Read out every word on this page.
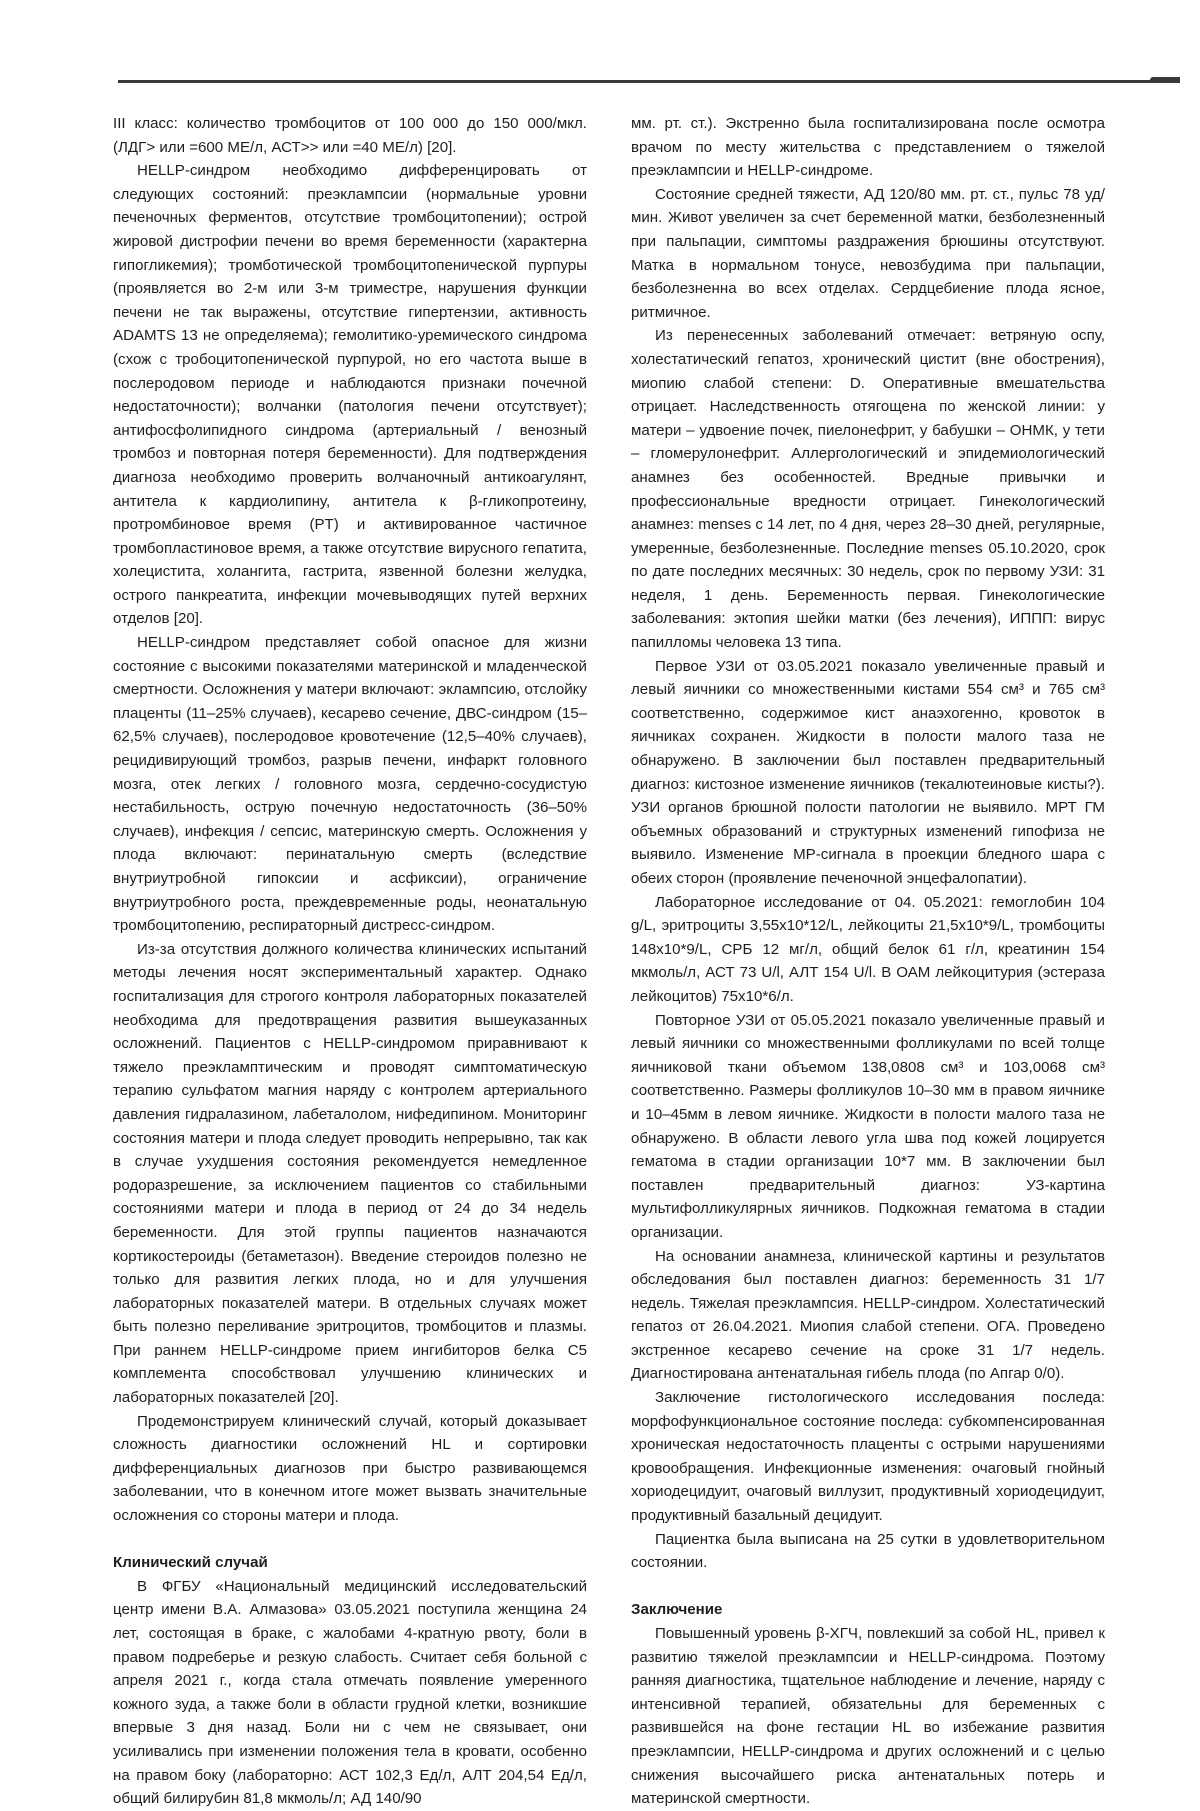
III класс: количество тромбоцитов от 100 000 до 150 000/мкл. (ЛДГ> или =600 МЕ/л, АСТ>> или =40 МЕ/л) [20].

HELLP-синдром необходимо дифференцировать от следующих состояний: преэклампсии (нормальные уровни печеночных ферментов, отсутствие тромбоцитопении); острой жировой дистрофии печени во время беременности (характерна гипогликемия); тромботической тромбоцитопенической пурпуры (проявляется во 2-м или 3-м триместре, нарушения функции печени не так выражены, отсутствие гипертензии, активность ADAMTS 13 не определяема); гемолитико-уремического синдрома (схож с тробоцитопенической пурпурой, но его частота выше в послеродовом периоде и наблюдаются признаки почечной недостаточности); волчанки (патология печени отсутствует); антифосфолипидного синдрома (артериальный / венозный тромбоз и повторная потеря беременности). Для подтверждения диагноза необходимо проверить волчаночный антикоагулянт, антитела к кардиолипину, антитела к β-гликопротеину, протромбиновое время (PT) и активированное частичное тромбопластиновое время, а также отсутствие вирусного гепатита, холецистита, холангита, гастрита, язвенной болезни желудка, острого панкреатита, инфекции мочевыводящих путей верхних отделов [20].

HELLP-синдром представляет собой опасное для жизни состояние с высокими показателями материнской и младенческой смертности. Осложнения у матери включают: эклампсию, отслойку плаценты (11–25% случаев), кесарево сечение, ДВС-синдром (15–62,5% случаев), послеродовое кровотечение (12,5–40% случаев), рецидивирующий тромбоз, разрыв печени, инфаркт головного мозга, отек легких / головного мозга, сердечно-сосудистую нестабильность, острую почечную недостаточность (36–50% случаев), инфекция / сепсис, материнскую смерть. Осложнения у плода включают: перинатальную смерть (вследствие внутриутробной гипоксии и асфиксии), ограничение внутриутробного роста, преждевременные роды, неонатальную тромбоцитопению, респираторный дистресс-синдром.

Из-за отсутствия должного количества клинических испытаний методы лечения носят экспериментальный характер. Однако госпитализация для строгого контроля лабораторных показателей необходима для предотвращения развития вышеуказанных осложнений. Пациентов с HELLP-синдромом приравнивают к тяжело преэкламптическим и проводят симптоматическую терапию сульфатом магния наряду с контролем артериального давления гидралазином, лабеталолом, нифедипином. Мониторинг состояния матери и плода следует проводить непрерывно, так как в случае ухудшения состояния рекомендуется немедленное родоразрешение, за исключением пациентов со стабильными состояниями матери и плода в период от 24 до 34 недель беременности. Для этой группы пациентов назначаются кортикостероиды (бетаметазон). Введение стероидов полезно не только для развития легких плода, но и для улучшения лабораторных показателей матери. В отдельных случаях может быть полезно переливание эритроцитов, тромбоцитов и плазмы. При раннем HELLP-синдроме прием ингибиторов белка C5 комплемента способствовал улучшению клинических и лабораторных показателей [20].

Продемонстрируем клинический случай, который доказывает сложность диагностики осложнений HL и сортировки дифференциальных диагнозов при быстро развивающемся заболевании, что в конечном итоге может вызвать значительные осложнения со стороны матери и плода.

Клинический случай

В ФГБУ «Национальный медицинский исследовательский центр имени В.А. Алмазова» 03.05.2021 поступила женщина 24 лет, состоящая в браке, с жалобами 4-кратную рвоту, боли в правом подреберье и резкую слабость. Считает себя больной с апреля 2021 г., когда стала отмечать появление умеренного кожного зуда, а также боли в области грудной клетки, возникшие впервые 3 дня назад. Боли ни с чем не связывает, они усиливались при изменении положения тела в кровати, особенно на правом боку (лабораторно: АСТ 102,3 Ед/л, АЛТ 204,54 Ед/л, общий билирубин 81,8 мкмоль/л; АД 140/90

мм. рт. ст.). Экстренно была госпитализирована после осмотра врачом по месту жительства с представлением о тяжелой преэклампсии и HELLP-синдроме.

Состояние средней тяжести, АД 120/80 мм. рт. ст., пульс 78 уд/мин. Живот увеличен за счет беременной матки, безболезненный при пальпации, симптомы раздражения брюшины отсутствуют. Матка в нормальном тонусе, невозбудима при пальпации, безболезненна во всех отделах. Сердцебиение плода ясное, ритмичное.

Из перенесенных заболеваний отмечает: ветряную оспу, холестатический гепатоз, хронический цистит (вне обострения), миопию слабой степени: D. Оперативные вмешательства отрицает. Наследственность отягощена по женской линии: у матери – удвоение почек, пиелонефрит, у бабушки – ОНМК, у тети – гломерулонефрит. Аллергологический и эпидемиологический анамнез без особенностей. Вредные привычки и профессиональные вредности отрицает. Гинекологический анамнез: menses с 14 лет, по 4 дня, через 28–30 дней, регулярные, умеренные, безболезненные. Последние menses 05.10.2020, срок по дате последних месячных: 30 недель, срок по первому УЗИ: 31 неделя, 1 день. Беременность первая. Гинекологические заболевания: эктопия шейки матки (без лечения), ИППП: вирус папилломы человека 13 типа.

Первое УЗИ от 03.05.2021 показало увеличенные правый и левый яичники со множественными кистами 554 см³ и 765 см³ соответственно, содержимое кист анаэхогенно, кровоток в яичниках сохранен. Жидкости в полости малого таза не обнаружено. В заключении был поставлен предварительный диагноз: кистозное изменение яичников (текалютеиновые кисты?). УЗИ органов брюшной полости патологии не выявило. МРТ ГМ объемных образований и структурных изменений гипофиза не выявило. Изменение МР-сигнала в проекции бледного шара с обеих сторон (проявление печеночной энцефалопатии).

Лабораторное исследование от 04. 05.2021: гемоглобин 104 g/L, эритроциты 3,55x10*12/L, лейкоциты 21,5x10*9/L, тромбоциты 148x10*9/L, СРБ 12 мг/л, общий белок 61 г/л, креатинин 154 мкмоль/л, АСТ 73 U/l, АЛТ 154 U/l. В ОАМ лейкоцитурия (эстераза лейкоцитов) 75x10*6/л.

Повторное УЗИ от 05.05.2021 показало увеличенные правый и левый яичники со множественными фолликулами по всей толще яичниковой ткани объемом 138,0808 см³ и 103,0068 см³ соответственно. Размеры фолликулов 10–30 мм в правом яичнике и 10–45мм в левом яичнике. Жидкости в полости малого таза не обнаружено. В области левого угла шва под кожей лоцируется гематома в стадии организации 10*7 мм. В заключении был поставлен предварительный диагноз: УЗ-картина мультифолликулярных яичников. Подкожная гематома в стадии организации.

На основании анамнеза, клинической картины и результатов обследования был поставлен диагноз: беременность 31 1/7 недель. Тяжелая преэклампсия. HELLP-синдром. Холестатический гепатоз от 26.04.2021. Миопия слабой степени. ОГА. Проведено экстренное кесарево сечение на сроке 31 1/7 недель. Диагностирована антенатальная гибель плода (по Апгар 0/0).

Заключение гистологического исследования последа: морфофункциональное состояние последа: субкомпенсированная хроническая недостаточность плаценты с острыми нарушениями кровообращения. Инфекционные изменения: очаговый гнойный хориодецидуит, очаговый виллузит, продуктивный хориодецидуит, продуктивный базальный децидуит.

Пациентка была выписана на 25 сутки в удовлетворительном состоянии.

Заключение

Повышенный уровень β-ХГЧ, повлекший за собой HL, привел к развитию тяжелой преэклампсии и HELLP-синдрома. Поэтому ранняя диагностика, тщательное наблюдение и лечение, наряду с интенсивной терапией, обязательны для беременных с развившейся на фоне гестации HL во избежание развития преэклампсии, HELLP-синдрома и других осложнений и с целью снижения высочайшего риска антенатальных потерь и материнской смертности.
